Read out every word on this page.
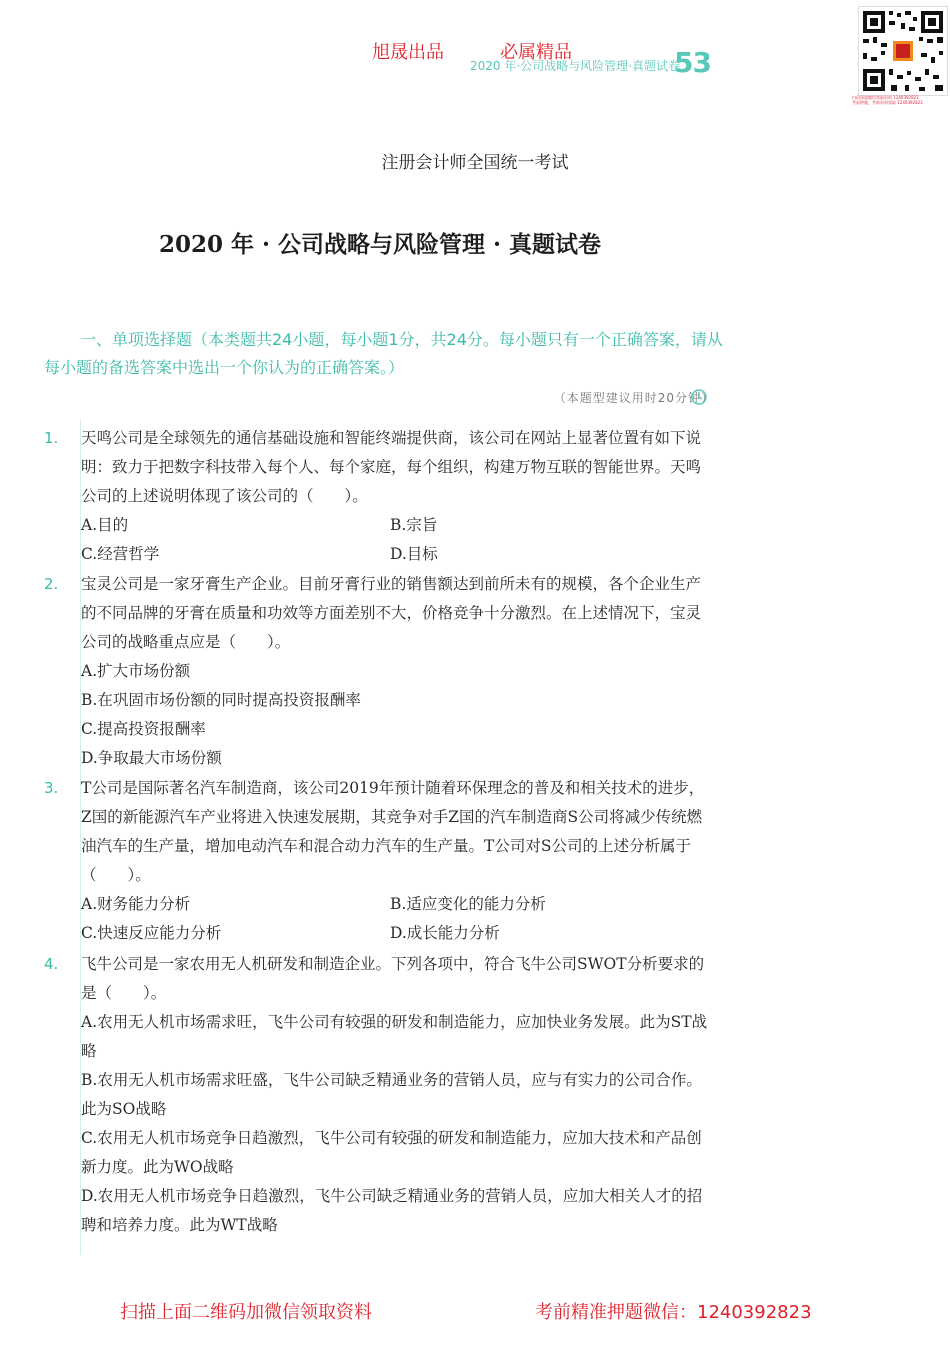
旭晟出品	必属精品
2020 年·公司战略与风险管理·真题试卷
53
扫码添加微信领取资料 1240392823
考前押题，考前资料领取 1240392823
注册会计师全国统一考试
2020 年 · 公司战略与风险管理 · 真题试卷
一、单项选择题（本类题共24小题，每小题1分，共24分。每小题只有一个正确答案，请从每小题的备选答案中选出一个你认为的正确答案。）
（本题型建议用时20分钟）
1. 天鸣公司是全球领先的通信基础设施和智能终端提供商，该公司在网站上显著位置有如下说明：致力于把数字科技带入每个人、每个家庭，每个组织，构建万物互联的智能世界。天鸣公司的上述说明体现了该公司的（　　）。
A.目的	B.宗旨
C.经营哲学	D.目标
2. 宝灵公司是一家牙膏生产企业。目前牙膏行业的销售额达到前所未有的规模，各个企业生产的不同品牌的牙膏在质量和功效等方面差别不大，价格竞争十分激烈。在上述情况下，宝灵公司的战略重点应是（　　）。
A.扩大市场份额
B.在巩固市场份额的同时提高投资报酬率
C.提高投资报酬率
D.争取最大市场份额
3. T公司是国际著名汽车制造商，该公司2019年预计随着环保理念的普及和相关技术的进步，Z国的新能源汽车产业将进入快速发展期，其竞争对手Z国的汽车制造商S公司将减少传统燃油汽车的生产量，增加电动汽车和混合动力汽车的生产量。T公司对S公司的上述分析属于（　　）。
A.财务能力分析	B.适应变化的能力分析
C.快速反应能力分析	D.成长能力分析
4. 飞牛公司是一家农用无人机研发和制造企业。下列各项中，符合飞牛公司SWOT分析要求的是（　　）。
A.农用无人机市场需求旺，飞牛公司有较强的研发和制造能力，应加快业务发展。此为ST战略
B.农用无人机市场需求旺盛，飞牛公司缺乏精通业务的营销人员，应与有实力的公司合作。此为SO战略
C.农用无人机市场竞争日趋激烈，飞牛公司有较强的研发和制造能力，应加大技术和产品创新力度。此为WO战略
D.农用无人机市场竞争日趋激烈，飞牛公司缺乏精通业务的营销人员，应加大相关人才的招聘和培养力度。此为WT战略
扫描上面二维码加微信领取资料	考前精准押题微信：1240392823
